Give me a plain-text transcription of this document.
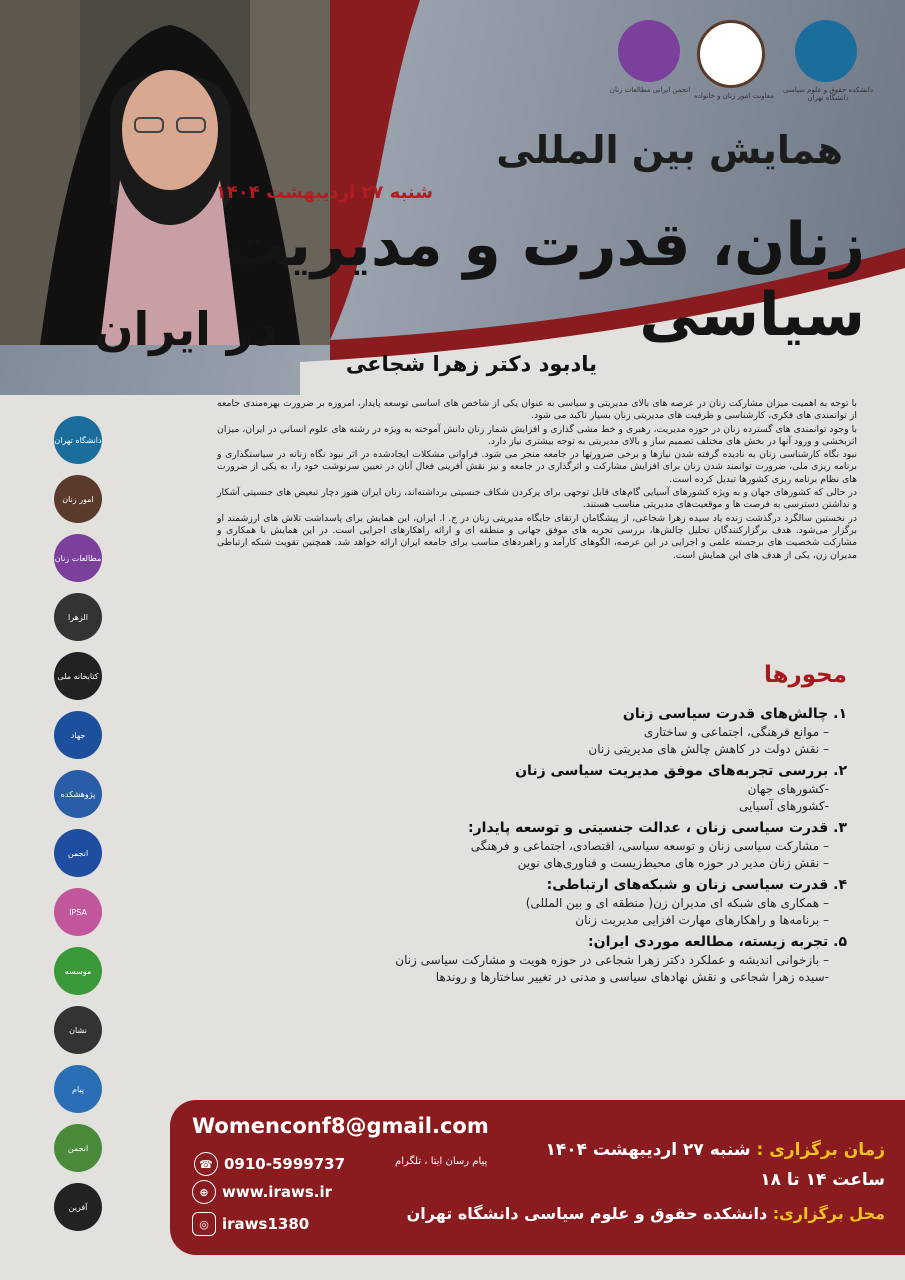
همایش بین المللی
شنبه ۲۷ اردیبهشت ۱۴۰۴
زنان، قدرت و مدیریت سیاسی
در ایران
دانشکده حقوق و علوم سیاسی دانشگاه تهران
معاونت امور زنان و خانواده
انجمن ایرانی مطالعات زنان
یادبود دکتر زهرا شجاعی

با توجه به اهمیت میزان مشارکت زنان در عرصه های بالای مدیریتی و سیاسی به عنوان یکی از شاخص های اساسی توسعه پایدار، امروزه بر ضرورت بهره‌مندی جامعه از توانمندی های فکری، کارشناسی و ظرفیت های مدیریتی زنان بسیار تاکید می شود.

با وجود توانمندی های گسترده زنان در حوزه مدیریت، رهبری و خط مشی گذاری و افزایش شمار زنان دانش آموخته به ویژه در رشته های علوم انسانی در ایران، میزان اثربخشی و ورود آنها در بخش های مختلف تصمیم ساز و بالای مدیریتی به توجه بیشتری نیاز دارد.

نبود نگاه کارشناسی زنان به نادیده گرفته شدن نیازها و برخی ضرورتها در جامعه منجر می شود. فراوانی مشکلات ایجادشده در اثر نبود نگاه زنانه در سیاستگذاری و برنامه ریزی ملی، ضرورت توانمند شدن زنان برای افزایش مشارکت و اثرگذاری در جامعه و نیز نقش آفرینی فعال آنان در تعیین سرنوشت خود را، به یکی از ضرورت های نظام برنامه ریزی کشورها تبدیل کرده است.

در حالی که کشورهای جهان و به ویژه کشورهای آسیایی گام‌های قابل توجهی برای پرکردن شکاف جنسیتی برداشته‌اند، زنان ایران هنوز دچار تبعیض های جنسیتی آشکار و نداشتن دسترسی به فرصت ها و موقعیت‌های مدیریتی مناسب هستند.

در نخستین سالگرد درگذشت زنده یاد سیده زهرا شجاعی، از پیشگامان ارتقای جایگاه مدیریتی زنان در ج. ا. ایران، این همایش برای پاسداشت تلاش های ارزشمند او برگزار می‌شود. هدف برگزارکنندگان تحلیل چالش‌ها، بررسی تجربه های موفق جهانی و منطقه ای و ارائه راهکارهای اجرایی است. در این همایش با همکاری و مشارکت شخصیت های برجسته علمی و اجرایی در این عرصه، الگوهای کارآمد و راهبردهای مناسب برای جامعه ایران ارائه خواهد شد. همچنین تقویت شبکه ارتباطی مدیران زن، یکی از هدف های این همایش است.

محورها
۱. چالش‌های قدرت سیاسی زنان
– موانع فرهنگی، اجتماعی و ساختاری
– نقش دولت در کاهش چالش های مدیریتی زنان
۲. بررسی تجربه‌های موفق مدیریت سیاسی زنان
-کشورهای جهان
-کشورهای آسیایی
۳. قدرت سیاسی زنان ، عدالت جنسیتی و توسعه پایدار:
– مشارکت سیاسی زنان و توسعه سیاسی، اقتصادی، اجتماعی و فرهنگی
– نقش زنان مدیر در حوزه های محیط‌زیست و فناوری‌های نوین
۴. قدرت سیاسی زنان و شبکه‌های ارتباطی:
– همکاری های شبکه ای مدیران زن( منطقه ای و بین المللی)
– برنامه‌ها و راهکارهای مهارت افزایی مدیریت زنان
۵. تجربه زیسته، مطالعه موردی ایران:
– بازخوانی اندیشه و عملکرد دکتر زهرا شجاعی در حوزه هویت و مشارکت سیاسی زنان
-سیده زهرا شجاعی و نقش نهادهای سیاسی و مدنی در تغییر ساختارها و روندها
دانشگاه تهران
امور زنان
مطالعات زنان
الزهرا
کتابخانه ملی
جهاد
پژوهشکده
انجمن
IPSA
موسسه
نشان
پیام
انجمن
آفرین
Womenconf8@gmail.com
☎ 0910-5999737	پیام رسان ایتا ، تلگرام
⊕ www.iraws.ir
◎ iraws1380
زمان برگزاری : شنبه ۲۷ اردیبهشت ۱۴۰۴
ساعت ۱۴ تا ۱۸
محل برگزاری: دانشکده حقوق و علوم سیاسی دانشگاه تهران
